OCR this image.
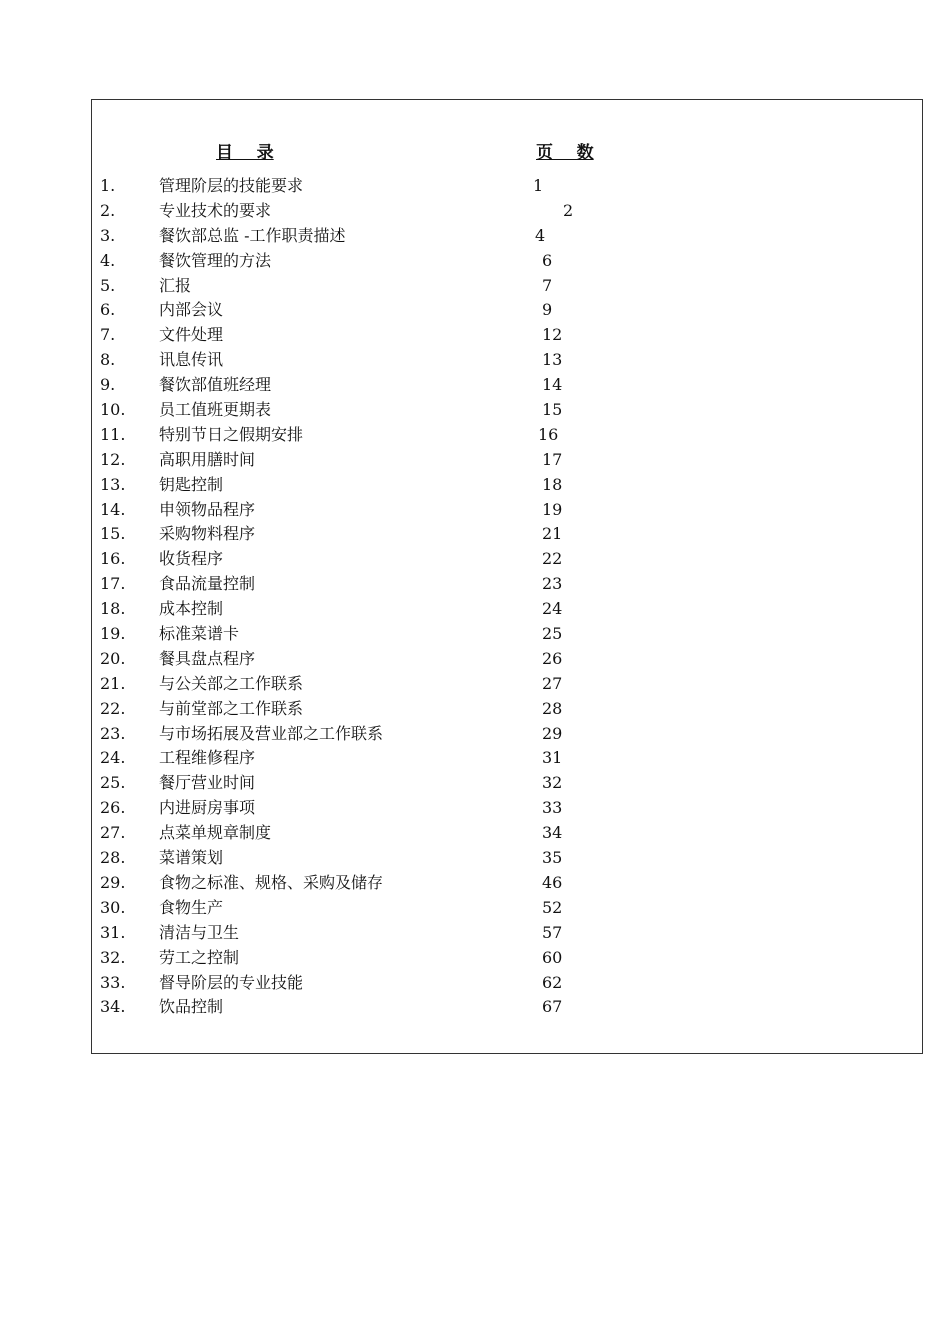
目    录	页    数
1.	管理阶层的技能要求	1
2.	专业技术的要求	2
3.	餐饮部总监 -工作职责描述	4
4.	餐饮管理的方法	6
5.	汇报	7
6.	内部会议	9
7.	文件处理	12
8.	讯息传讯	13
9.	餐饮部值班经理	14
10.	员工值班更期表	15
11.	特别节日之假期安排	16
12.	高职用膳时间	17
13.	钥匙控制	18
14.	申领物品程序	19
15.	采购物料程序	21
16.	收货程序	22
17.	食品流量控制	23
18.	成本控制	24
19.	标准菜谱卡	25
20.	餐具盘点程序	26
21.	与公关部之工作联系	27
22.	与前堂部之工作联系	28
23.	与市场拓展及营业部之工作联系	29
24.	工程维修程序	31
25.	餐厅营业时间	32
26.	内进厨房事项	33
27.	点菜单规章制度	34
28.	菜谱策划	35
29.	食物之标准、规格、采购及储存	46
30.	食物生产	52
31.	清洁与卫生	57
32.	劳工之控制	60
33.	督导阶层的专业技能	62
34.	饮品控制	67
